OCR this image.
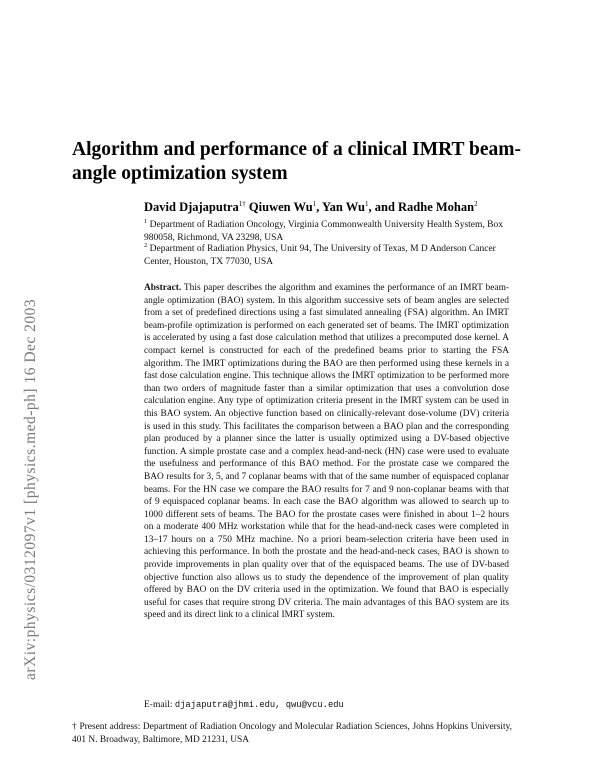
arXiv:physics/0312097v1 [physics.med-ph] 16 Dec 2003
Algorithm and performance of a clinical IMRT beam-angle optimization system
David Djajaputra$^{1\dagger}$ Qiuwen Wu$^1$, Yan Wu$^1$, and Radhe Mohan$^2$
$^1$ Department of Radiation Oncology, Virginia Commonwealth University Health System, Box 980058, Richmond, VA 23298, USA
$^2$ Department of Radiation Physics, Unit 94, The University of Texas, M D Anderson Cancer Center, Houston, TX 77030, USA
Abstract. This paper describes the algorithm and examines the performance of an IMRT beam-angle optimization (BAO) system. In this algorithm successive sets of beam angles are selected from a set of predefined directions using a fast simulated annealing (FSA) algorithm. An IMRT beam-profile optimization is performed on each generated set of beams. The IMRT optimization is accelerated by using a fast dose calculation method that utilizes a precomputed dose kernel. A compact kernel is constructed for each of the predefined beams prior to starting the FSA algorithm. The IMRT optimizations during the BAO are then performed using these kernels in a fast dose calculation engine. This technique allows the IMRT optimization to be performed more than two orders of magnitude faster than a similar optimization that uses a convolution dose calculation engine. Any type of optimization criteria present in the IMRT system can be used in this BAO system. An objective function based on clinically-relevant dose-volume (DV) criteria is used in this study. This facilitates the comparison between a BAO plan and the corresponding plan produced by a planner since the latter is usually optimized using a DV-based objective function. A simple prostate case and a complex head-and-neck (HN) case were used to evaluate the usefulness and performance of this BAO method. For the prostate case we compared the BAO results for 3, 5, and 7 coplanar beams with that of the same number of equispaced coplanar beams. For the HN case we compare the BAO results for 7 and 9 non-coplanar beams with that of 9 equispaced coplanar beams. In each case the BAO algorithm was allowed to search up to 1000 different sets of beams. The BAO for the prostate cases were finished in about 1–2 hours on a moderate 400 MHz workstation while that for the head-and-neck cases were completed in 13–17 hours on a 750 MHz machine. No a priori beam-selection criteria have been used in achieving this performance. In both the prostate and the head-and-neck cases, BAO is shown to provide improvements in plan quality over that of the equispaced beams. The use of DV-based objective function also allows us to study the dependence of the improvement of plan quality offered by BAO on the DV criteria used in the optimization. We found that BAO is especially useful for cases that require strong DV criteria. The main advantages of this BAO system are its speed and its direct link to a clinical IMRT system.
E-mail: djajaputra@jhmi.edu, qwu@vcu.edu
† Present address: Department of Radiation Oncology and Molecular Radiation Sciences, Johns Hopkins University, 401 N. Broadway, Baltimore, MD 21231, USA
